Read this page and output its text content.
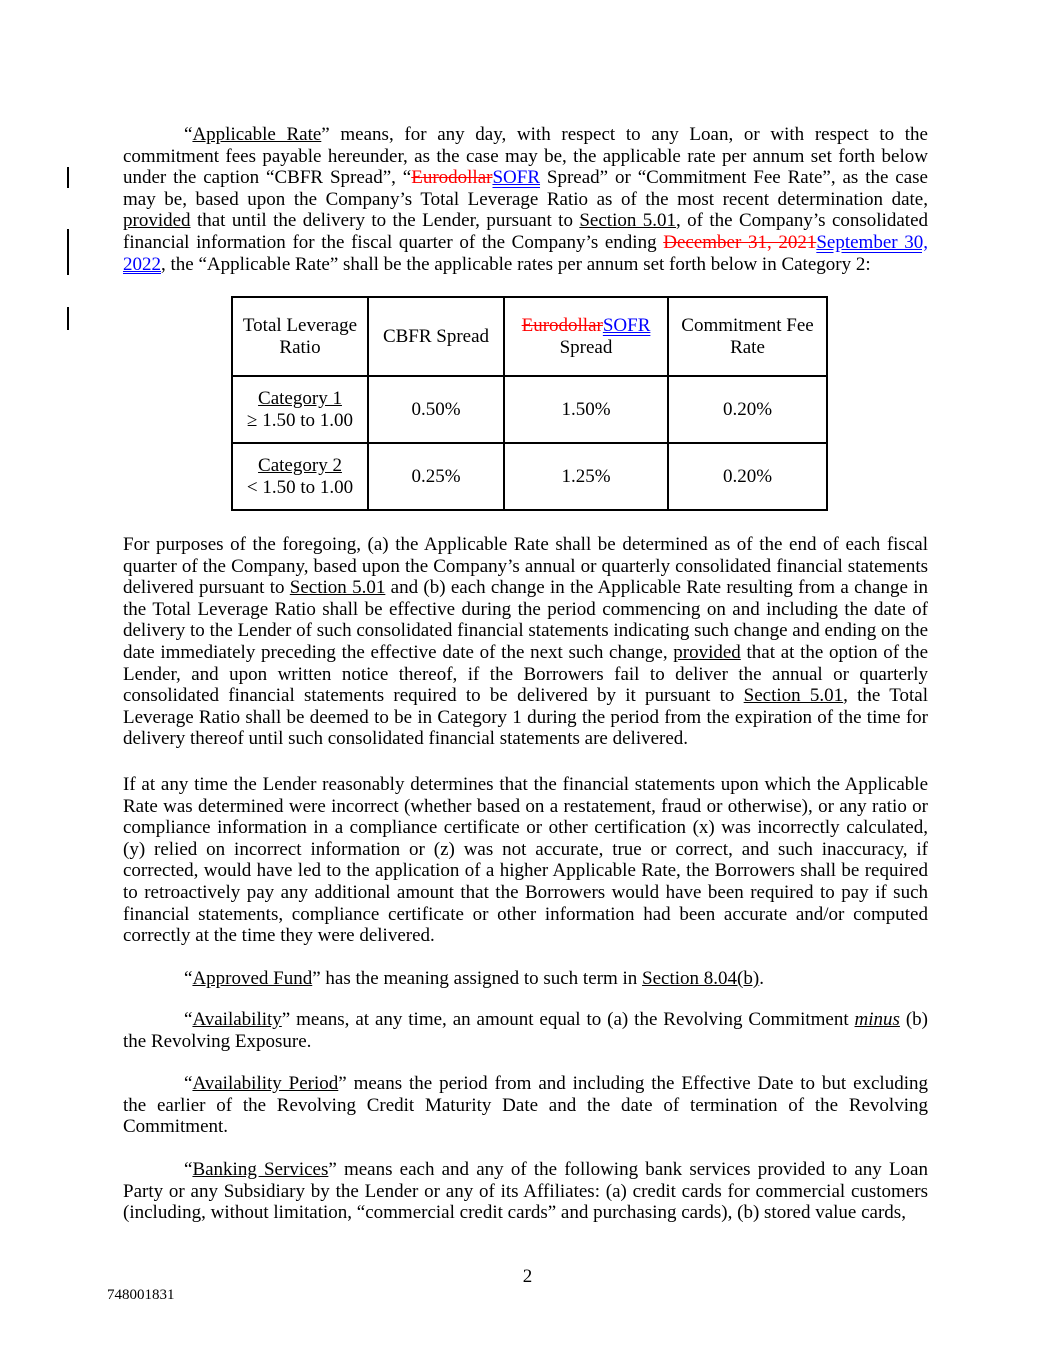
“Applicable Rate” means, for any day, with respect to any Loan, or with respect to the commitment fees payable hereunder, as the case may be, the applicable rate per annum set forth below under the caption “CBFR Spread”, “EurodollarSOFR Spread” or “Commitment Fee Rate”, as the case may be, based upon the Company’s Total Leverage Ratio as of the most recent determination date, provided that until the delivery to the Lender, pursuant to Section 5.01, of the Company’s consolidated financial information for the fiscal quarter of the Company’s ending December 31, 2021September 30, 2022, the “Applicable Rate” shall be the applicable rates per annum set forth below in Category 2:

Total Leverage Ratio	CBFR Spread	EurodollarSOFR Spread	Commitment Fee Rate
Category 1
≥ 1.50 to 1.00	0.50%	1.50%	0.20%
Category 2
< 1.50 to 1.00	0.25%	1.25%	0.20%

For purposes of the foregoing, (a) the Applicable Rate shall be determined as of the end of each fiscal quarter of the Company, based upon the Company’s annual or quarterly consolidated financial statements delivered pursuant to Section 5.01 and (b) each change in the Applicable Rate resulting from a change in the Total Leverage Ratio shall be effective during the period commencing on and including the date of delivery to the Lender of such consolidated financial statements indicating such change and ending on the date immediately preceding the effective date of the next such change, provided that at the option of the Lender, and upon written notice thereof, if the Borrowers fail to deliver the annual or quarterly consolidated financial statements required to be delivered by it pursuant to Section 5.01, the Total Leverage Ratio shall be deemed to be in Category 1 during the period from the expiration of the time for delivery thereof until such consolidated financial statements are delivered.

If at any time the Lender reasonably determines that the financial statements upon which the Applicable Rate was determined were incorrect (whether based on a restatement, fraud or otherwise), or any ratio or compliance information in a compliance certificate or other certification (x) was incorrectly calculated, (y) relied on incorrect information or (z) was not accurate, true or correct, and such inaccuracy, if corrected, would have led to the application of a higher Applicable Rate, the Borrowers shall be required to retroactively pay any additional amount that the Borrowers would have been required to pay if such financial statements, compliance certificate or other information had been accurate and/or computed correctly at the time they were delivered.

“Approved Fund” has the meaning assigned to such term in Section 8.04(b).

“Availability” means, at any time, an amount equal to (a) the Revolving Commitment minus (b) the Revolving Exposure.

“Availability Period” means the period from and including the Effective Date to but excluding the earlier of the Revolving Credit Maturity Date and the date of termination of the Revolving Commitment.

“Banking Services” means each and any of the following bank services provided to any Loan Party or any Subsidiary by the Lender or any of its Affiliates: (a) credit cards for commercial customers (including, without limitation, “commercial credit cards” and purchasing cards), (b) stored value cards,

2
748001831
